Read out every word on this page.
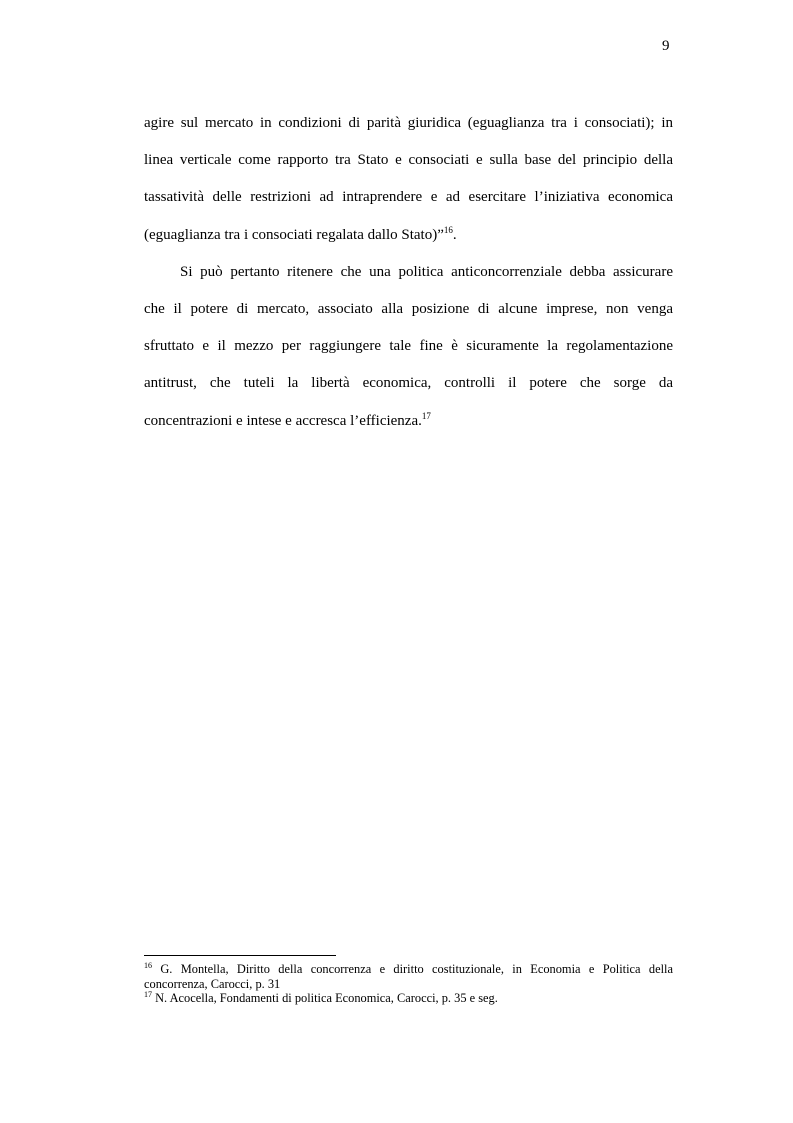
9
agire sul mercato in condizioni di parità giuridica (eguaglianza tra i consociati); in
linea verticale come rapporto tra Stato e consociati e sulla base del principio della
tassatività delle restrizioni ad intraprendere e ad esercitare l’iniziativa economica
(eguaglianza tra i consociati regalata dallo Stato)”$^{16}$.
Si può pertanto ritenere che una politica anticoncorrenziale debba assicurare
che il potere di mercato, associato alla posizione di alcune imprese, non venga
sfruttato e il mezzo per raggiungere tale fine è sicuramente la regolamentazione
antitrust, che tuteli la libertà economica, controlli il potere che sorge da
concentrazioni e intese e accresca l’efficienza.$^{17}$
$^{16}$ G. Montella, Diritto della concorrenza e diritto costituzionale, in Economia e Politica della
concorrenza, Carocci, p. 31
$^{17}$ N. Acocella, Fondamenti di politica Economica, Carocci, p. 35 e seg.
